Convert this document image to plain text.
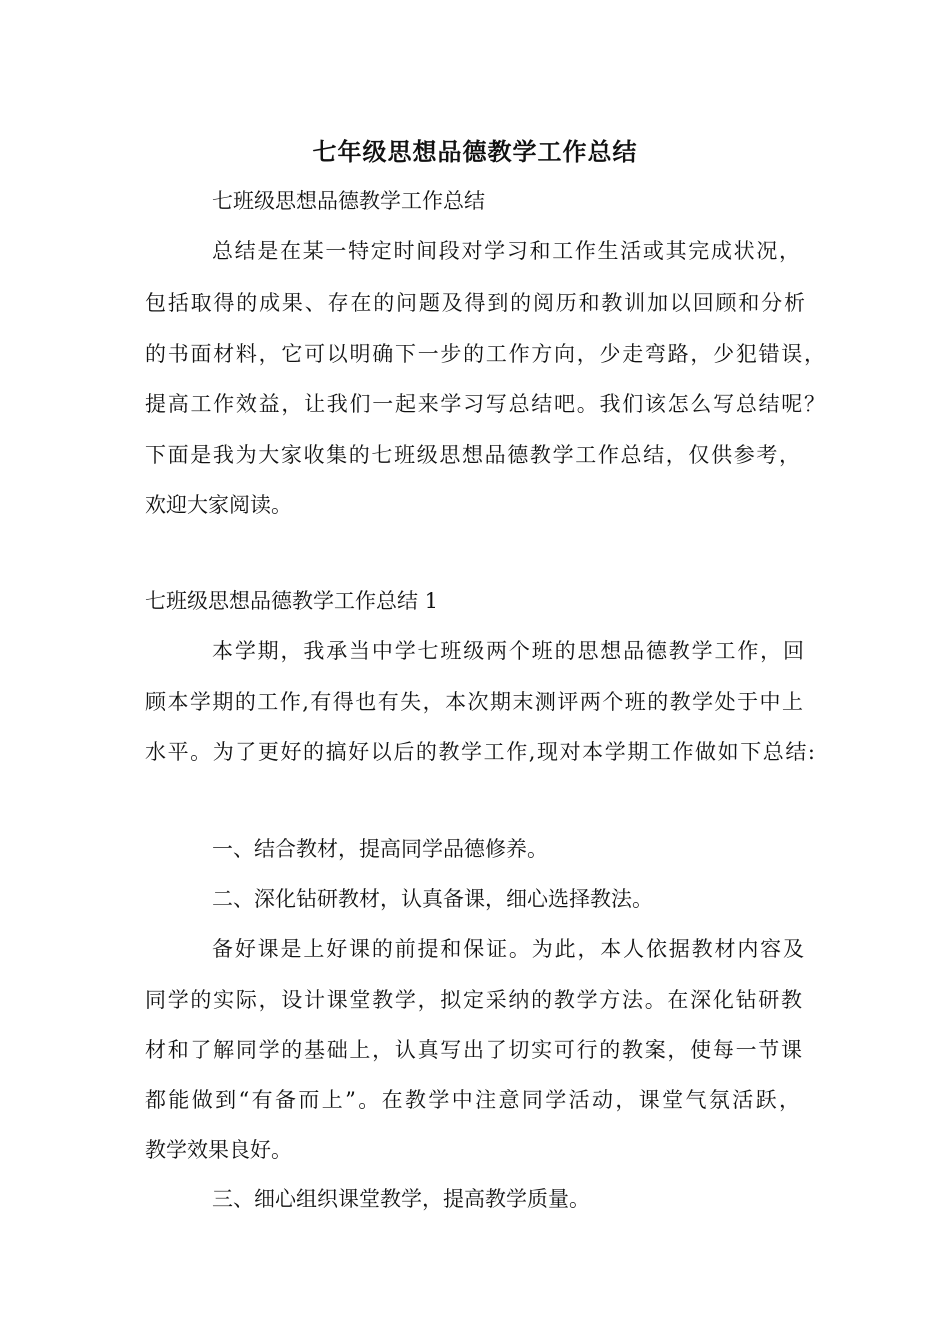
七年级思想品德教学工作总结
七班级思想品德教学工作总结
总结是在某一特定时间段对学习和工作生活或其完成状况，
包括取得的成果、存在的问题及得到的阅历和教训加以回顾和分析
的书面材料，它可以明确下一步的工作方向，少走弯路，少犯错误，
提高工作效益，让我们一起来学习写总结吧。我们该怎么写总结呢？
下面是我为大家收集的七班级思想品德教学工作总结，仅供参考，
欢迎大家阅读。
七班级思想品德教学工作总结 1
本学期，我承当中学七班级两个班的思想品德教学工作，回
顾本学期的工作,有得也有失，本次期末测评两个班的教学处于中上
水平。为了更好的搞好以后的教学工作,现对本学期工作做如下总结:
一、结合教材，提高同学品德修养。
二、深化钻研教材，认真备课，细心选择教法。
备好课是上好课的前提和保证。为此，本人依据教材内容及
同学的实际，设计课堂教学，拟定采纳的教学方法。在深化钻研教
材和了解同学的基础上，认真写出了切实可行的教案，使每一节课
都能做到“有备而上”。在教学中注意同学活动，课堂气氛活跃，
教学效果良好。
三、细心组织课堂教学，提高教学质量。
